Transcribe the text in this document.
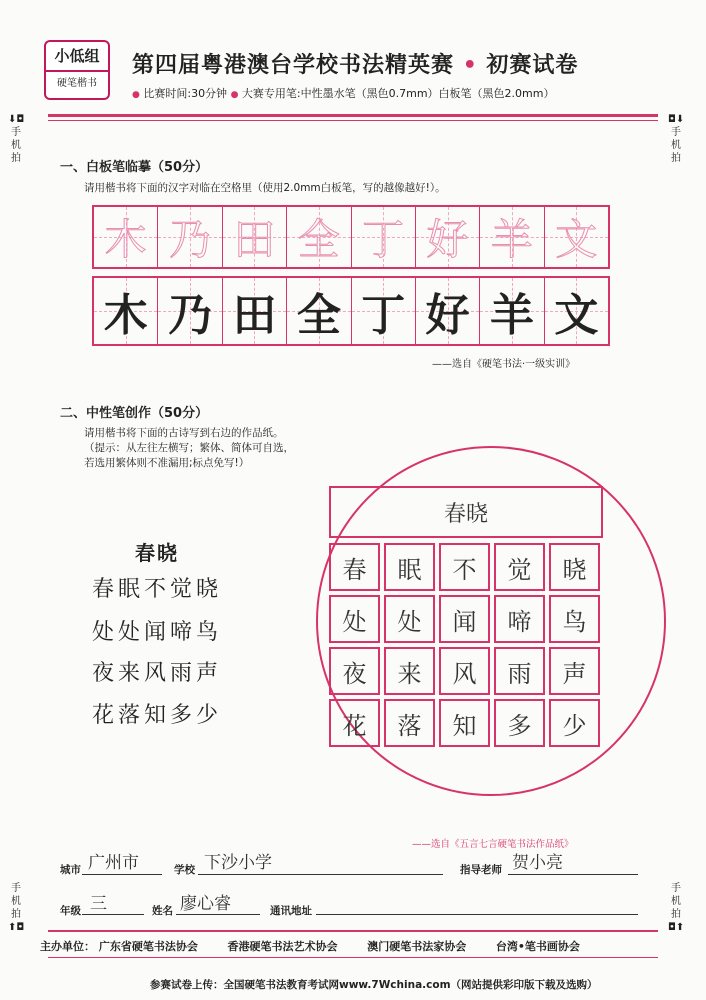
小低组
硬笔楷书
第四届粤港澳台学校书法精英赛 • 初赛试卷
● 比赛时间:30分钟 ● 大赛专用笔:中性墨水笔（黑色0.7mm）白板笔（黑色2.0mm）
⬇◘
手机拍
◘⬇
手机拍
手机拍
⬆◘
手机拍
◘⬆
一、白板笔临摹（50分）
请用楷书将下面的汉字对临在空格里（使用2.0mm白板笔，写的越像越好!）。
木 乃 田 全 丁 好 羊 文
木 乃 田 全 丁 好 羊 文
——选自《硬笔书法·一级实训》
二、中性笔创作（50分）
请用楷书将下面的古诗写到右边的作品纸。
（提示：从左往左横写；繁体、简体可自选，
若选用繁体则不准漏用;标点免写!）
春晓
春眠不觉晓
处处闻啼鸟
夜来风雨声
花落知多少
春晓
春	眠	不	觉	晓
处	处	闻	啼	鸟
夜	来	风	雨	声
花	落	知	多	少
——选自《五言七言硬笔书法作品纸》
城市 广州市	学校 下沙小学	指导老师 贺小亮
年级 三	姓名 廖心睿	通讯地址
主办单位： 广东省硬笔书法协会	香港硬笔书法艺术协会	澳门硬笔书法家协会	台湾•笔书画协会
参赛试卷上传：全国硬笔书法教育考试网www.7Wchina.com（网站提供彩印版下载及选购）
